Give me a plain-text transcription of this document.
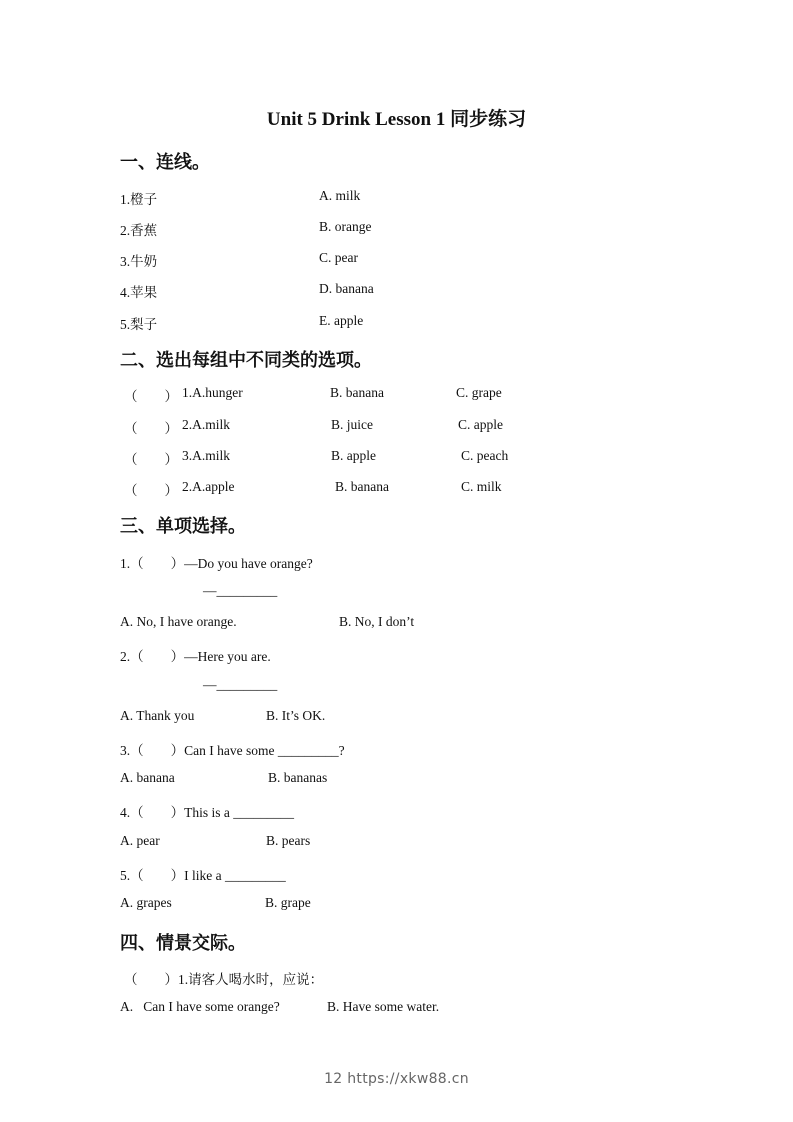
Unit 5 Drink Lesson 1 同步练习
一、连线。
1.橙子	A. milk
2.香蕉	B. orange
3.牛奶	C. pear
4.苹果	D. banana
5.梨子	E. apple
二、选出每组中不同类的选项。
（　　） 1.A.hunger	B. banana	C. grape
（　　） 2.A.milk	B. juice	C. apple
（　　） 3.A.milk	B. apple	C. peach
（　　） 2.A.apple	B. banana	C. milk
三、单项选择。
1.（　　）—Do you have orange?
—_________
A. No, I have orange.	B. No, I don’t
2.（　　）—Here you are.
—_________
A. Thank you	B. It’s OK.
3.（　　）Can I have some _________?
A. banana	B. bananas
4.（　　）This is a _________
A. pear	B. pears
5.（　　）I like a _________
A. grapes	B. grape
四、情景交际。
（　　）1.请客人喝水时，应说：
A.   Can I have some orange?	B. Have some water.
12 https://xkw88.cn
